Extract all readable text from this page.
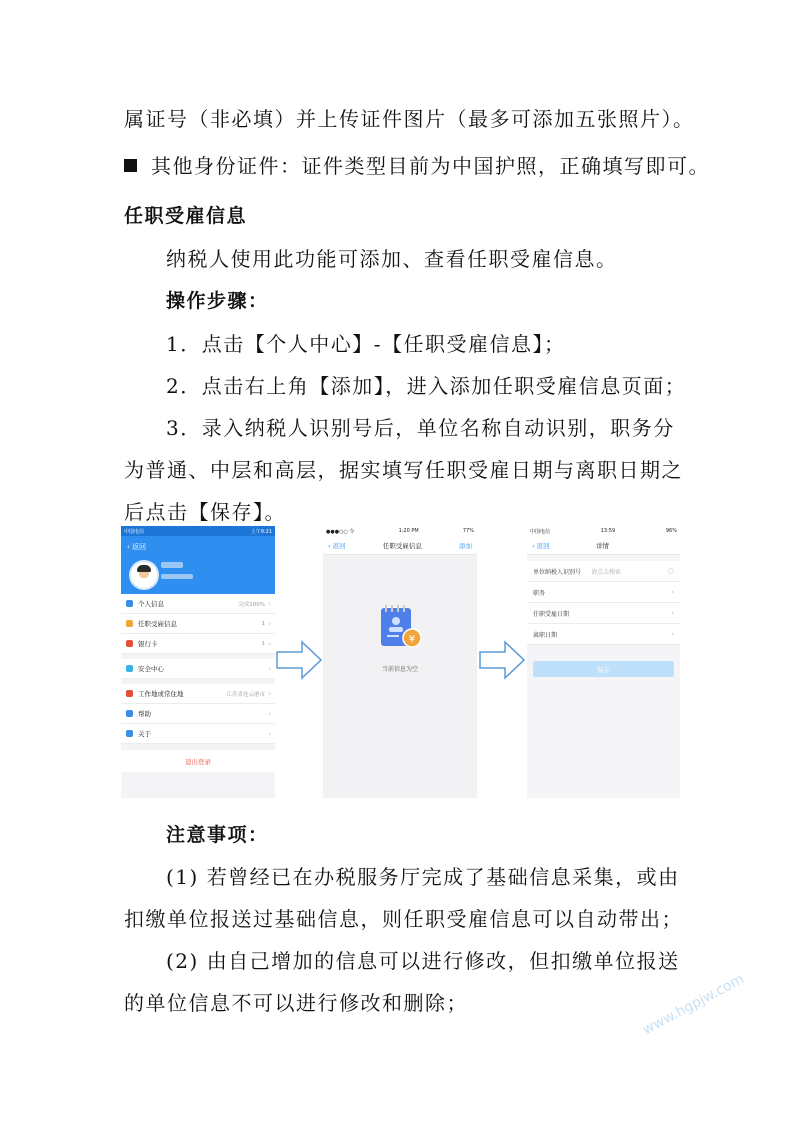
属证号（非必填）并上传证件图片（最多可添加五张照片）。
其他身份证件：证件类型目前为中国护照，正确填写即可。
任职受雇信息
纳税人使用此功能可添加、查看任职受雇信息。
操作步骤：
1．点击【个人中心】-【任职受雇信息】；
2．点击右上角【添加】，进入添加任职受雇信息页面；
3．录入纳税人识别号后，单位名称自动识别，职务分
为普通、中层和高层，据实填写任职受雇日期与离职日期之
后点击【保存】。
中国电信	上午9:21
‹ 返回
个人信息	完成100% ›
任职受雇信息	1 ›
银行卡	1 ›
安全中心	›
工作地或常住地	江苏省连云港市 ›
帮助	›
关于	›
退出登录
●●●○○ 令	1:20 PM	77%
‹ 返回	任职受雇信息	添加
¥
当前信息为空
中国电信	13:59	96%
‹ 返回	详情
单位纳税人识别号 请点击搜索	○
职务	›
任职受雇日期	›
离职日期	›
保存
注意事项：
(1) 若曾经已在办税服务厅完成了基础信息采集，或由
扣缴单位报送过基础信息，则任职受雇信息可以自动带出；
(2) 由自己增加的信息可以进行修改，但扣缴单位报送
的单位信息不可以进行修改和删除；	www.hgpjw.com
